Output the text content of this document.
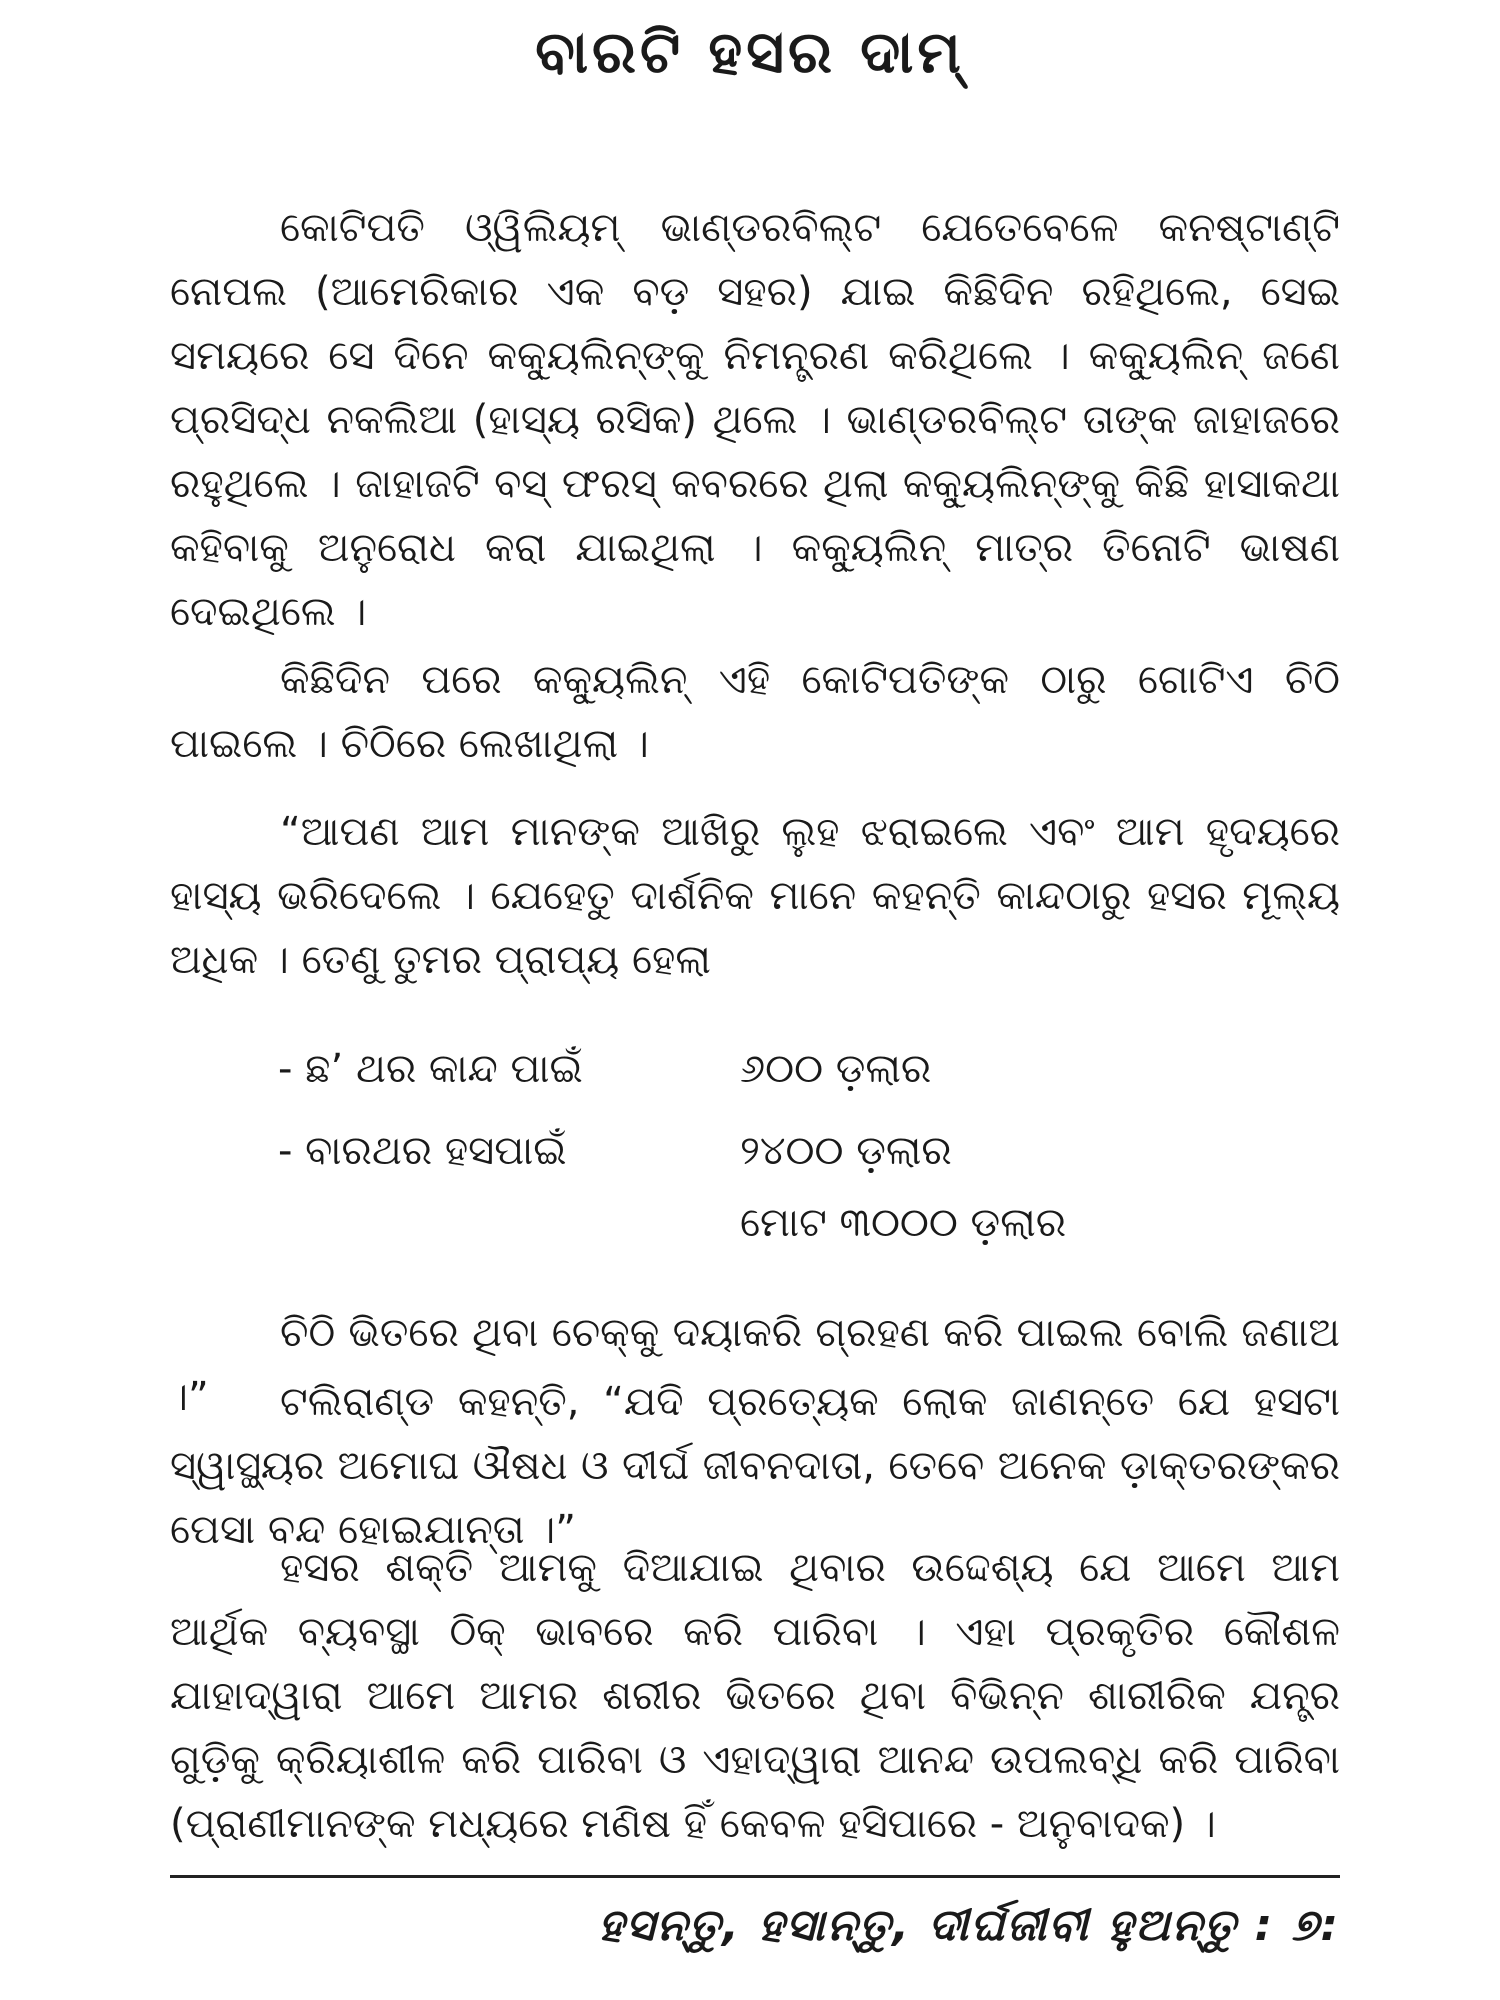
ବାରଟି ହସର ଦାମ୍
କୋଟିପତି ଓ୍ୱିଲିୟମ୍ ଭାଣ୍ଡରବିଲ୍ଟ ଯେତେବେଳେ କନଷ୍ଟାଣ୍ଟି ନୋପଲ (ଆମେରିକାର ଏକ ବଡ଼ ସହର) ଯାଇ କିଛିଦିନ ରହିଥିଲେ, ସେଇ ସମୟରେ ସେ ଦିନେ କକ୍ୟୁଲିନ୍‌ଙ୍କୁ ନିମନ୍ତ୍ରଣ କରିଥିଲେ । କକ୍ୟୁଲିନ୍ ଜଣେ ପ୍ରସିଦ୍ଧ ନକଲିଆ (ହାସ୍ୟ ରସିକ) ଥିଲେ । ଭାଣ୍ଡରବିଲ୍ଟ ତାଙ୍କ ଜାହାଜରେ ରହୁଥିଲେ । ଜାହାଜଟି ବସ୍ ଫରସ୍ କବରରେ ଥିଲା କକ୍ୟୁଲିନ୍‌ଙ୍କୁ କିଛି ହାସାକଥା କହିବାକୁ ଅନୁରୋଧ କରା ଯାଇଥିଲା । କକ୍ୟୁଲିନ୍ ମାତ୍ର ତିନୋଟି ଭାଷଣ ଦେଇଥିଲେ ।
କିଛିଦିନ ପରେ କକ୍ୟୁଲିନ୍ ଏହି କୋଟିପତିଙ୍କ ଠାରୁ ଗୋଟିଏ ଚିଠି ପାଇଲେ । ଚିଠିରେ ଲେଖାଥିଲା ।
“ଆପଣ ଆମ ମାନଙ୍କ ଆଖିରୁ ଲୁହ ଝରାଇଲେ ଏବଂ ଆମ ହୃଦୟରେ ହାସ୍ୟ ଭରିଦେଲେ । ଯେହେତୁ ଦାର୍ଶନିକ ମାନେ କହନ୍ତି କାନ୍ଦଠାରୁ ହସର ମୂଲ୍ୟ ଅଧିକ । ତେଣୁ ତୁମର ପ୍ରାପ୍ୟ ହେଲା
- ଛ’ ଥର କାନ୍ଦ ପାଇଁ	୬୦୦ ଡ଼ଲାର
- ବାରଥର ହସପାଇଁ	୨୪୦୦ ଡ଼ଲାର
ମୋଟ ୩୦୦୦ ଡ଼ଲାର
ଚିଠି ଭିତରେ ଥିବା ଚେକ୍‌କୁ ଦୟାକରି ଗ୍ରହଣ କରି ପାଇଲ ବୋଲି ଜଣାଅ ।”	ଟଲିରାଣ୍ଡ କହନ୍ତି, “ଯଦି ପ୍ରତ୍ୟେକ ଲୋକ ଜାଣନ୍ତେ ଯେ ହସଟା ସ୍ୱାସ୍ଥ୍ୟର ଅମୋଘ ଔଷଧ ଓ ଦୀର୍ଘ ଜୀବନଦାତା, ତେବେ ଅନେକ ଡ଼ାକ୍ତରଙ୍କର ପେସା ବନ୍ଦ ହୋଇଯାନ୍ତା ।”
ହସର ଶକ୍ତି ଆମକୁ ଦିଆଯାଇ ଥିବାର ଉଦ୍ଦେଶ୍ୟ ଯେ ଆମେ ଆମ ଆର୍ଥିକ ବ୍ୟବସ୍ଥା ଠିକ୍ ଭାବରେ କରି ପାରିବା । ଏହା ପ୍ରକୃତିର କୌଶଳ ଯାହାଦ୍ୱାରା ଆମେ ଆମର ଶରୀର ଭିତରେ ଥିବା ବିଭିନ୍ନ ଶାରୀରିକ ଯନ୍ତ୍ର ଗୁଡ଼ିକୁ କ୍ରିୟାଶୀଳ କରି ପାରିବା ଓ ଏହାଦ୍ୱାରା ଆନନ୍ଦ ଉପଲବ୍ଧି କରି ପାରିବା (ପ୍ରାଣୀମାନଙ୍କ ମଧ୍ୟରେ ମଣିଷ ହିଁ କେବଳ ହସିପାରେ - ଅନୁବାଦକ) ।
ହସନ୍ତୁ, ହସାନ୍ତୁ, ଦୀର୍ଘଜୀବୀ ହୁଅନ୍ତୁ : ୭:
